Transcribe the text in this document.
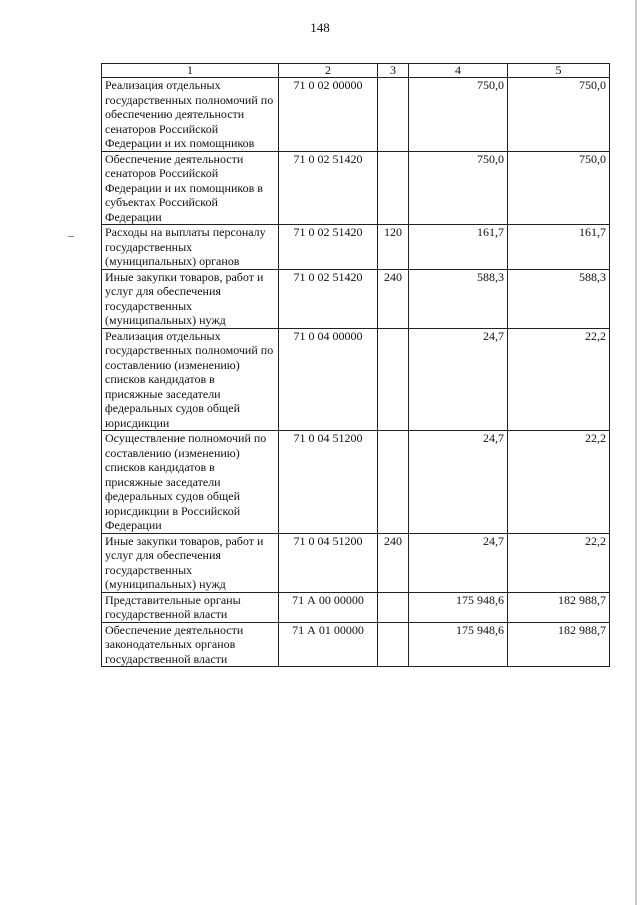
148
1	2	3	4	5
Реализация отдельных государственных полномочий по обеспечению деятельности сенаторов Российской Федерации и их помощников	71 0 02 00000		750,0	750,0
Обеспечение деятельности сенаторов Российской Федерации и их помощников в субъектах Российской Федерации	71 0 02 51420		750,0	750,0
Расходы на выплаты персоналу государственных (муниципальных) органов	71 0 02 51420	120	161,7	161,7
Иные закупки товаров, работ и услуг для обеспечения государственных (муниципальных) нужд	71 0 02 51420	240	588,3	588,3
Реализация отдельных государственных полномочий по составлению (изменению) списков кандидатов в присяжные заседатели федеральных судов общей юрисдикции	71 0 04 00000		24,7	22,2
Осуществление полномочий по составлению (изменению) списков кандидатов в присяжные заседатели федеральных судов общей юрисдикции в Российской Федерации	71 0 04 51200		24,7	22,2
Иные закупки товаров, работ и услуг для обеспечения государственных (муниципальных) нужд	71 0 04 51200	240	24,7	22,2
Представительные органы государственной власти	71 А 00 00000		175 948,6	182 988,7
Обеспечение деятельности законодательных органов государственной власти	71 А 01 00000		175 948,6	182 988,7
